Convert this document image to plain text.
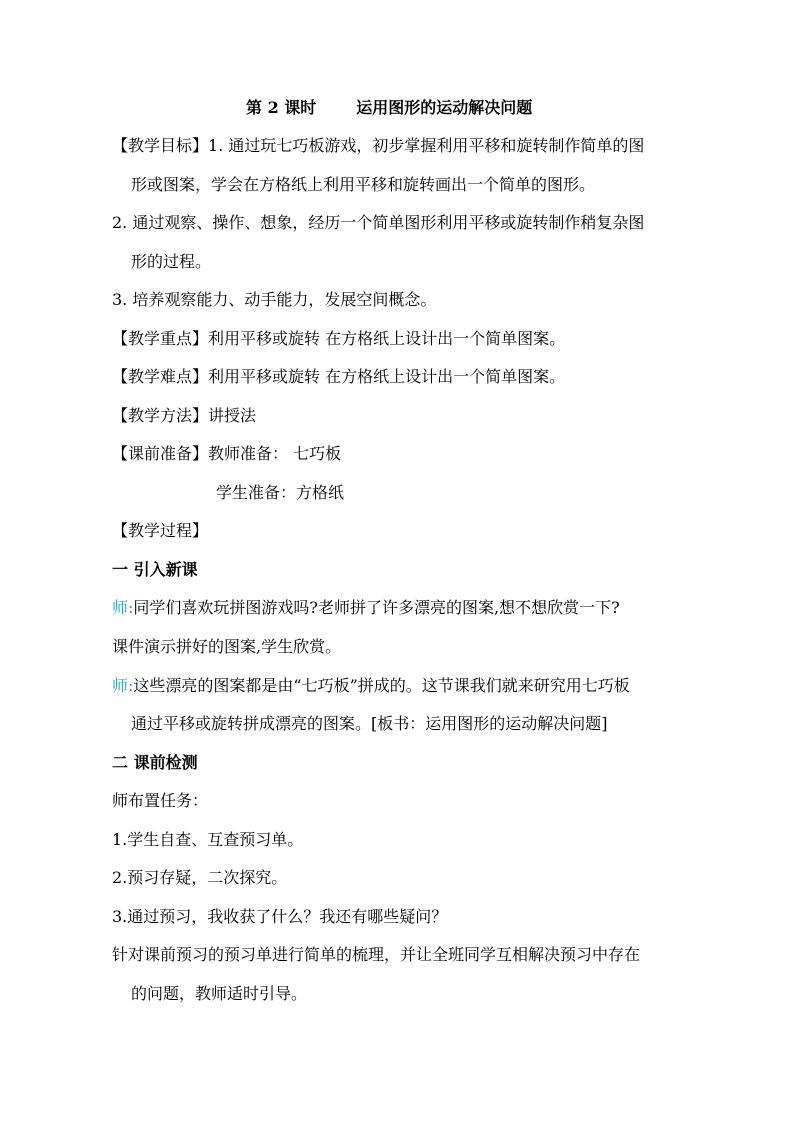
第 2 课时	运用图形的运动解决问题
【教学目标】1. 通过玩七巧板游戏，初步掌握利用平移和旋转制作简单的图
形或图案，学会在方格纸上利用平移和旋转画出一个简单的图形。
2. 通过观察、操作、想象，经历一个简单图形利用平移或旋转制作稍复杂图
形的过程。
3. 培养观察能力、动手能力，发展空间概念。
【教学重点】利用平移或旋转 在方格纸上设计出一个简单图案。
【教学难点】利用平移或旋转 在方格纸上设计出一个简单图案。
【教学方法】讲授法
【课前准备】教师准备： 七巧板
学生准备：方格纸
【教学过程】
一 引入新课
师:同学们喜欢玩拼图游戏吗?老师拼了许多漂亮的图案,想不想欣赏一下?
课件演示拼好的图案,学生欣赏。
师:这些漂亮的图案都是由“七巧板”拼成的。这节课我们就来研究用七巧板
通过平移或旋转拼成漂亮的图案。[板书：运用图形的运动解决问题]
二 课前检测
师布置任务：
1.学生自查、互查预习单。
2.预习存疑，二次探究。
3.通过预习，我收获了什么？我还有哪些疑问？
针对课前预习的预习单进行简单的梳理，并让全班同学互相解决预习中存在
的问题，教师适时引导。
